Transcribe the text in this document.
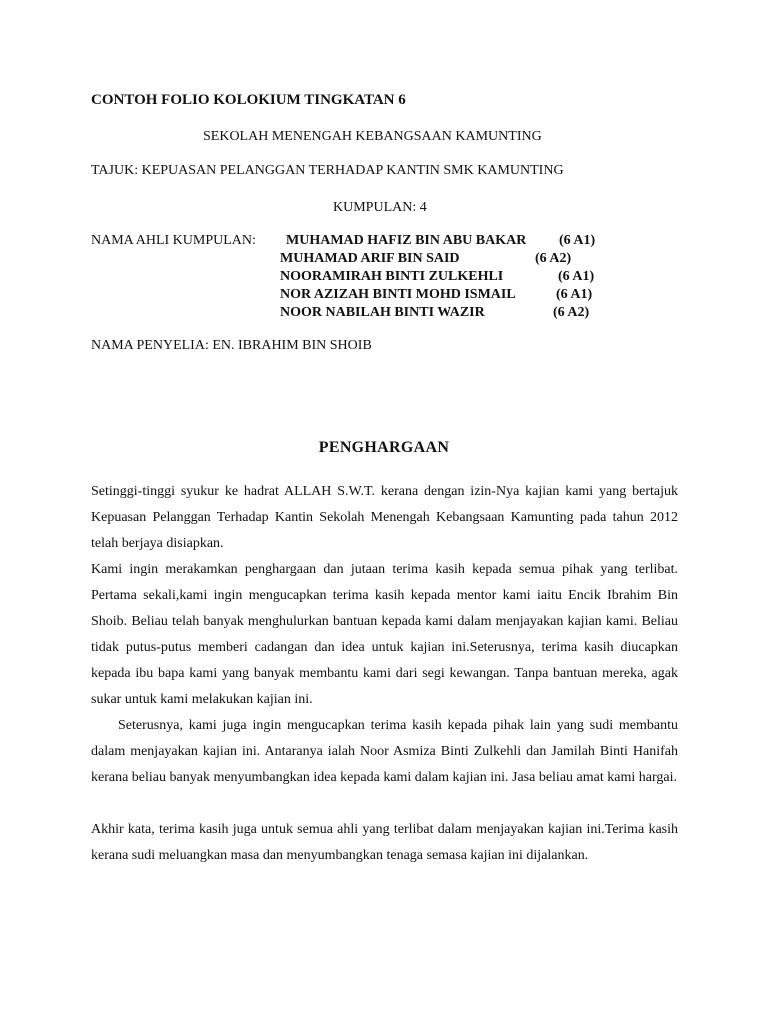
CONTOH FOLIO KOLOKIUM TINGKATAN 6
SEKOLAH MENENGAH KEBANGSAAN KAMUNTING
TAJUK: KEPUASAN PELANGGAN TERHADAP KANTIN SMK KAMUNTING
KUMPULAN: 4
NAMA AHLI KUMPULAN: MUHAMAD HAFIZ BIN ABU BAKAR (6 A1)
MUHAMAD ARIF BIN SAID	(6 A2)
NOORAMIRAH BINTI ZULKEHLI	(6 A1)
NOR AZIZAH BINTI MOHD ISMAIL	(6 A1)
NOOR NABILAH BINTI WAZIR	(6 A2)
NAMA PENYELIA: EN. IBRAHIM BIN SHOIB
PENGHARGAAN

Setinggi-tinggi syukur ke hadrat ALLAH S.W.T. kerana dengan izin-Nya kajian kami yang bertajuk Kepuasan Pelanggan Terhadap Kantin Sekolah Menengah Kebangsaan Kamunting pada tahun 2012 telah berjaya disiapkan.

Kami ingin merakamkan penghargaan dan jutaan terima kasih kepada semua pihak yang terlibat. Pertama sekali,kami ingin mengucapkan terima kasih kepada mentor kami iaitu Encik Ibrahim Bin Shoib. Beliau telah banyak menghulurkan bantuan kepada kami dalam menjayakan kajian kami. Beliau tidak putus-putus memberi cadangan dan idea untuk kajian ini.Seterusnya, terima kasih diucapkan kepada ibu bapa kami yang banyak membantu kami dari segi kewangan. Tanpa bantuan mereka, agak sukar untuk kami melakukan kajian ini.

Seterusnya, kami juga ingin mengucapkan terima kasih kepada pihak lain yang sudi membantu dalam menjayakan kajian ini. Antaranya ialah Noor Asmiza Binti Zulkehli dan Jamilah Binti Hanifah kerana beliau banyak menyumbangkan idea kepada kami dalam kajian ini. Jasa beliau amat kami hargai.

Akhir kata, terima kasih juga untuk semua ahli yang terlibat dalam menjayakan kajian ini.Terima kasih kerana sudi meluangkan masa dan menyumbangkan tenaga semasa kajian ini dijalankan.
